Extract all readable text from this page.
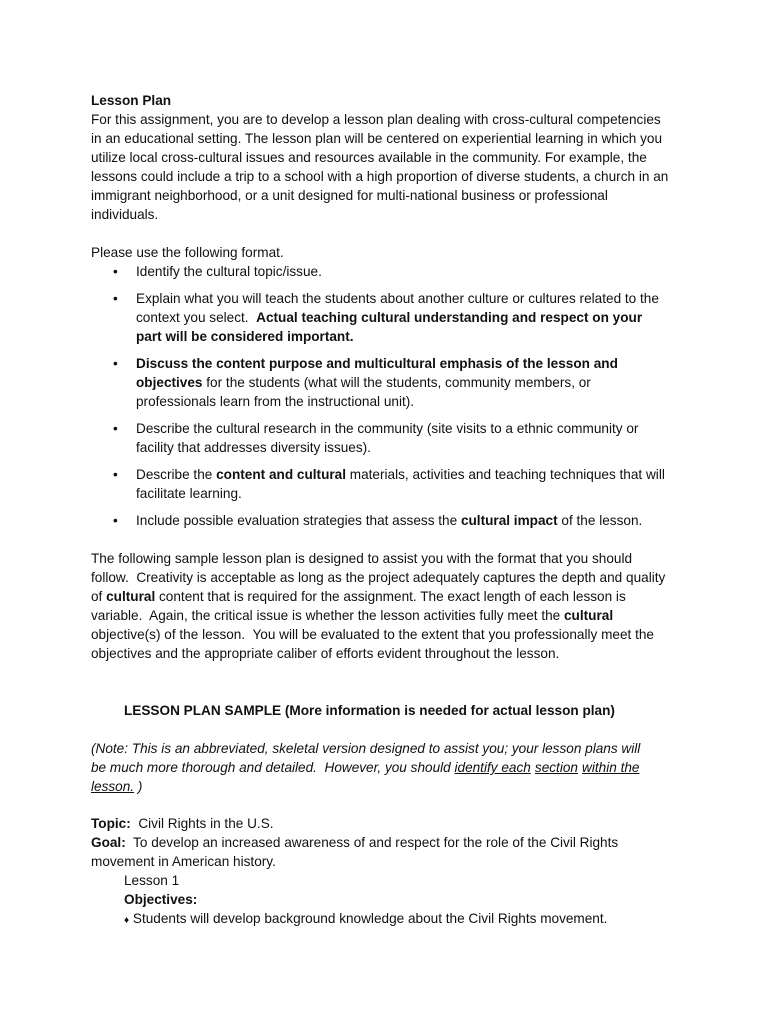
Lesson Plan
For this assignment, you are to develop a lesson plan dealing with cross-cultural competencies
in an educational setting. The lesson plan will be centered on experiential learning in which you
utilize local cross-cultural issues and resources available in the community. For example, the
lessons could include a trip to a school with a high proportion of diverse students, a church in an
immigrant neighborhood, or a unit designed for multi-national business or professional
individuals.
Please use the following format.
• Identify the cultural topic/issue.
• Explain what you will teach the students about another culture or cultures related to the
context you select.  Actual teaching cultural understanding and respect on your
part will be considered important.
• Discuss the content purpose and multicultural emphasis of the lesson and
objectives for the students (what will the students, community members, or
professionals learn from the instructional unit).
• Describe the cultural research in the community (site visits to a ethnic community or
facility that addresses diversity issues).
• Describe the content and cultural materials, activities and teaching techniques that will
facilitate learning.
• Include possible evaluation strategies that assess the cultural impact of the lesson.
The following sample lesson plan is designed to assist you with the format that you should
follow.  Creativity is acceptable as long as the project adequately captures the depth and quality
of cultural content that is required for the assignment. The exact length of each lesson is
variable.  Again, the critical issue is whether the lesson activities fully meet the cultural
objective(s) of the lesson.  You will be evaluated to the extent that you professionally meet the
objectives and the appropriate caliber of efforts evident throughout the lesson.
LESSON PLAN SAMPLE (More information is needed for actual lesson plan)
(Note: This is an abbreviated, skeletal version designed to assist you; your lesson plans will
be much more thorough and detailed.  However, you should identify each section within the
lesson. )
Topic:  Civil Rights in the U.S.
Goal:  To develop an increased awareness of and respect for the role of the Civil Rights
movement in American history.
Lesson 1
Objectives:
♦ Students will develop background knowledge about the Civil Rights movement.
